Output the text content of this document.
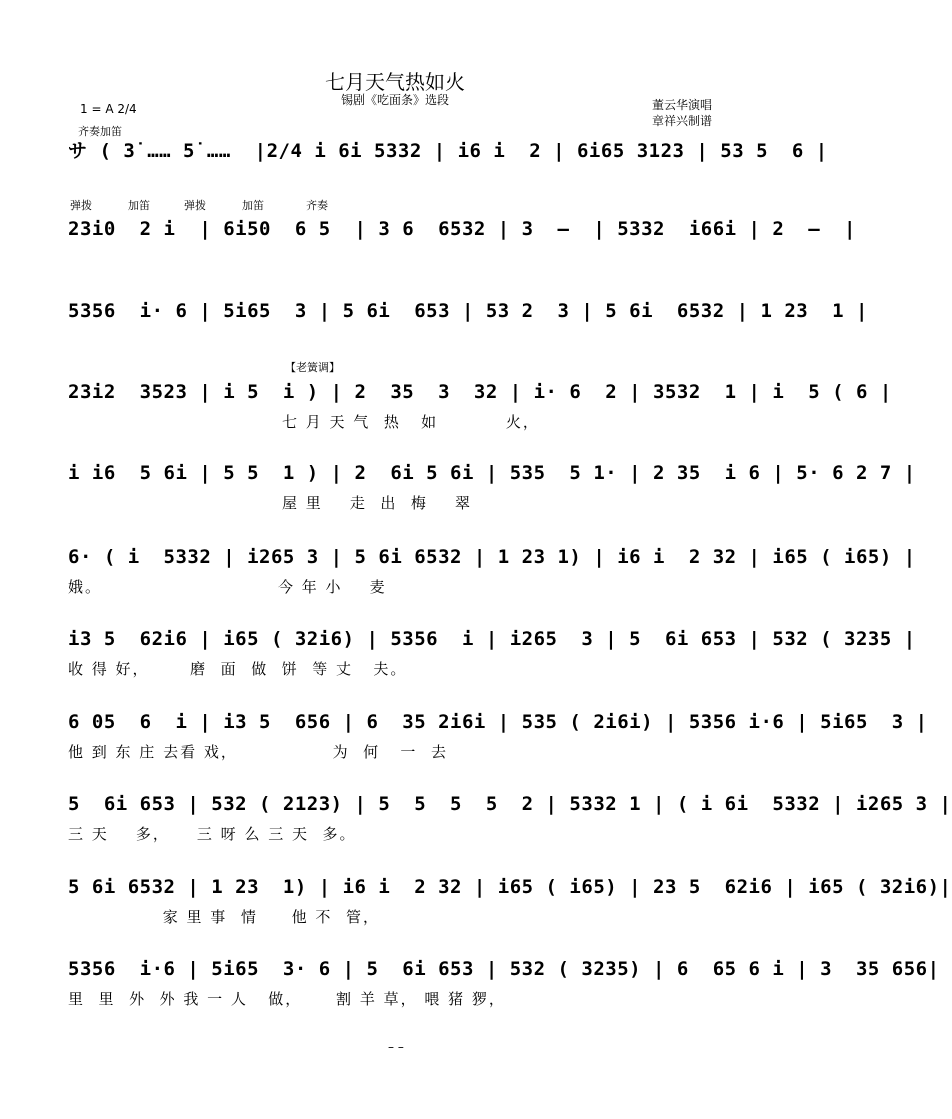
七月天气热如火
锡剧《吃面条》选段
1 = A 2/4	董云华演唱
章祥兴制谱
齐奏加笛
弹拨	加笛	弹拨	加笛	齐奏
【老簧调】
サ ( 3̇ …… 5̇ ……  |2/4 i 6i 5332 | i6 i  2 | 6i65 3123 | 53 5  6 |
23i0  2 i  | 6i50  6 5  | 3 6  6532 | 3  –  | 5332  i66i | 2  –  |
5356  i· 6 | 5i65  3 | 5 6i  653 | 53 2  3 | 5 6i  6532 | 1 23  1 |
23i2  3523 | i 5  i ) | 2  35  3  32 | i· 6  2 | 3532  1 | i  5 ( 6 |
七 月 天 气  热   如          火，
i i6  5 6i | 5 5  1 ) | 2  6i 5 6i | 535  5 1· | 2 35  i 6 | 5· 6 2 7 |
屋 里    走  出  梅    翠
6· ( i  5332 | i265 3 | 5 6i 6532 | 1 23 1) | i6 i  2 32 | i65 ( i65) |
娥。                          今 年 小    麦
i3 5  62i6 | i65 ( 32i6) | 5356  i | i265  3 | 5  6i 653 | 532 ( 3235 |
收 得 好，      磨  面  做  饼  等 丈   夫。
6 05  6  i | i3 5  656 | 6  35 2i6i | 535 ( 2i6i) | 5356 i·6 | 5i65  3 |
他 到 东 庄 去看 戏，              为  何   一  去
5  6i 653 | 532 ( 2123) | 5  5  5  5  2 | 5332 1 | ( i 6i  5332 | i265 3 |
三 天    多，    三 呀 么 三 天  多。
5 6i 6532 | 1 23  1) | i6 i  2 32 | i65 ( i65) | 23 5  62i6 | i65 ( 32i6)|
家 里 事  情     他 不  管，
5356  i·6 | 5i65  3· 6 | 5  6i 653 | 532 ( 3235) | 6  65 6 i | 3  35 656|
里  里  外  外 我 一 人   做，     割 羊 草， 喂 猪 猡，
– –
